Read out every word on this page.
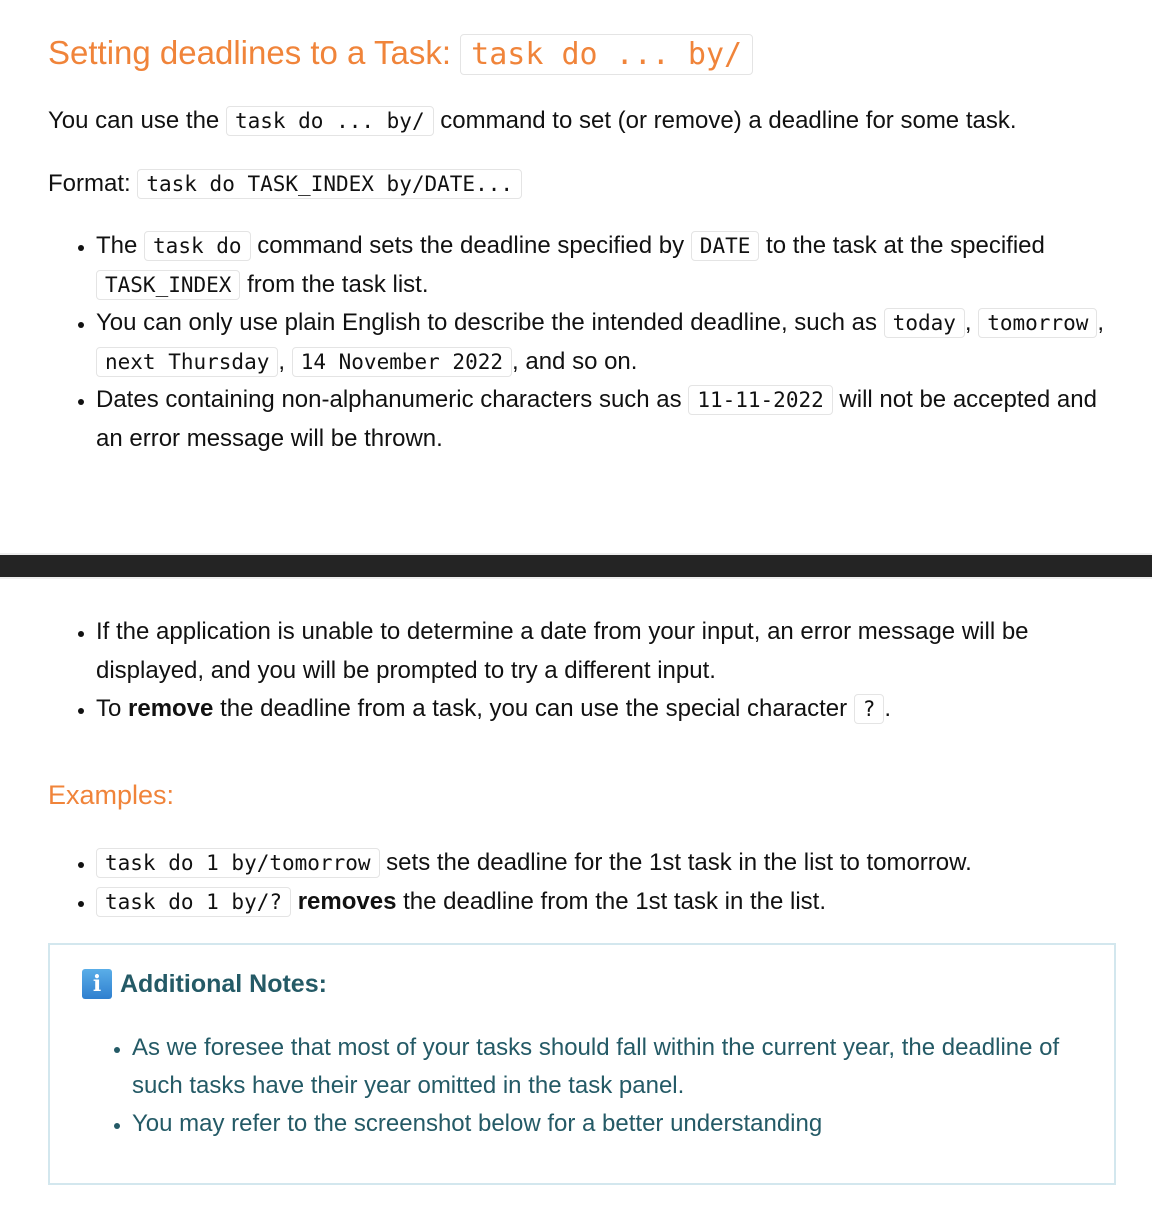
Setting deadlines to a Task: task do ... by/

You can use the task do ... by/ command to set (or remove) a deadline for some task.

Format: task do TASK_INDEX by/DATE...

• The task do command sets the deadline specified by DATE to the task at the specified TASK_INDEX from the task list.
• You can only use plain English to describe the intended deadline, such as today , tomorrow , next Thursday , 14 November 2022 , and so on.
• Dates containing non-alphanumeric characters such as 11-11-2022 will not be accepted and an error message will be thrown.
• If the application is unable to determine a date from your input, an error message will be displayed, and you will be prompted to try a different input.
• To remove the deadline from a task, you can use the special character ? .
Examples:
• task do 1 by/tomorrow sets the deadline for the 1st task in the list to tomorrow.
• task do 1 by/? removes the deadline from the 1st task in the list.
i Additional Notes:
• As we foresee that most of your tasks should fall within the current year, the deadline of such tasks have their year omitted in the task panel.
• You may refer to the screenshot below for a better understanding
